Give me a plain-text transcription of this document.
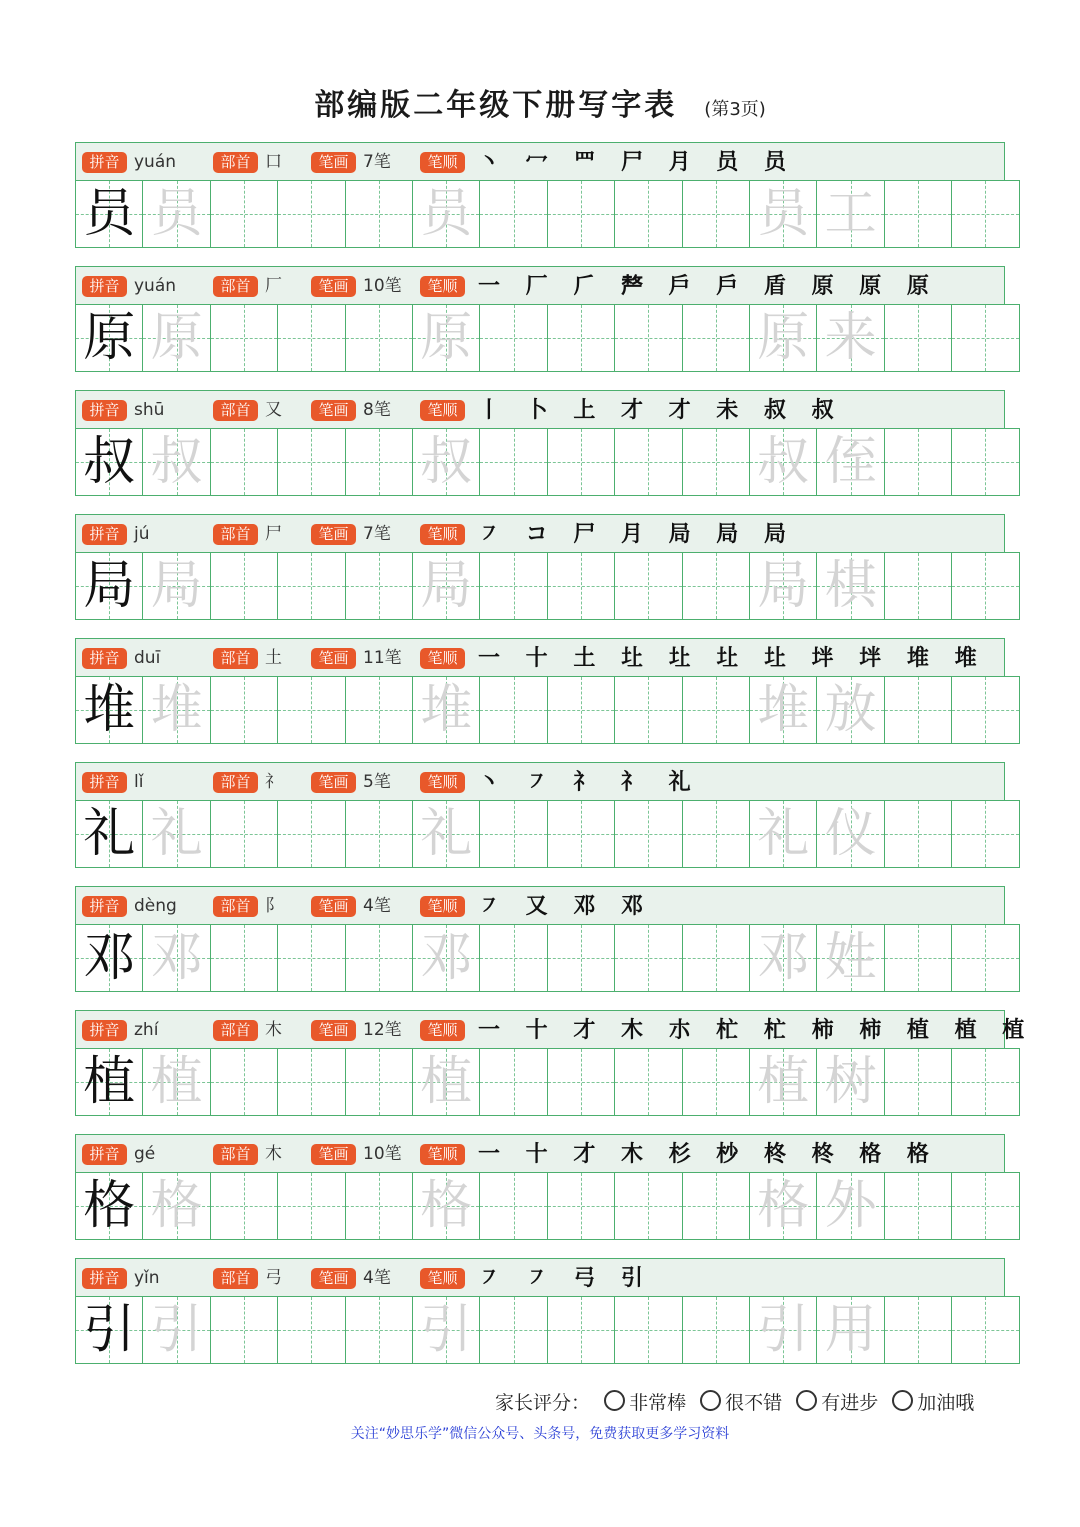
部编版二年级下册写字表 (第3页)
拼音 yuán	部首 口	笔画 7笔	笔顺 丶 冖 罒 尸 月 员 员
员 员	员	员 工
拼音 yuán	部首 厂	笔画 10笔	笔顺 一 厂 𠂆 𠩺 戶 戶 盾 原 原 原
原 原	原	原 来
拼音 shū	部首 又	笔画 8笔	笔顺 丨 卜 上 才 才 未 叔 叔
叔 叔	叔	叔 侄
拼音 jú	部首 尸	笔画 7笔	笔顺 ㇇ コ 尸 月 局 局 局
局 局	局	局 棋
拼音 duī	部首 土	笔画 11笔	笔顺 一 十 土 圵 圵 圵 圵 坢 坢 堆 堆
堆 堆	堆	堆 放
拼音 lǐ	部首 礻	笔画 5笔	笔顺 丶 ㇇ 礻 礻 礼
礼 礼	礼	礼 仪
拼音 dèng	部首 阝	笔画 4笔	笔顺 ㇇ 又 邓 邓
邓 邓	邓	邓 姓
拼音 zhí	部首 木	笔画 12笔	笔顺 一 十 才 木 朩 杧 杧 柿 柿 植 植 植
植 植	植	植 树
拼音 gé	部首 木	笔画 10笔	笔顺 一 十 才 木 杉 杪 柊 柊 格 格
格 格	格	格 外
拼音 yǐn	部首 弓	笔画 4笔	笔顺 ㇇ ㇇ 弓 引
引 引	引	引 用
家长评分： 非常棒 很不错 有进步 加油哦
关注“妙思乐学”微信公众号、头条号，免费获取更多学习资料
